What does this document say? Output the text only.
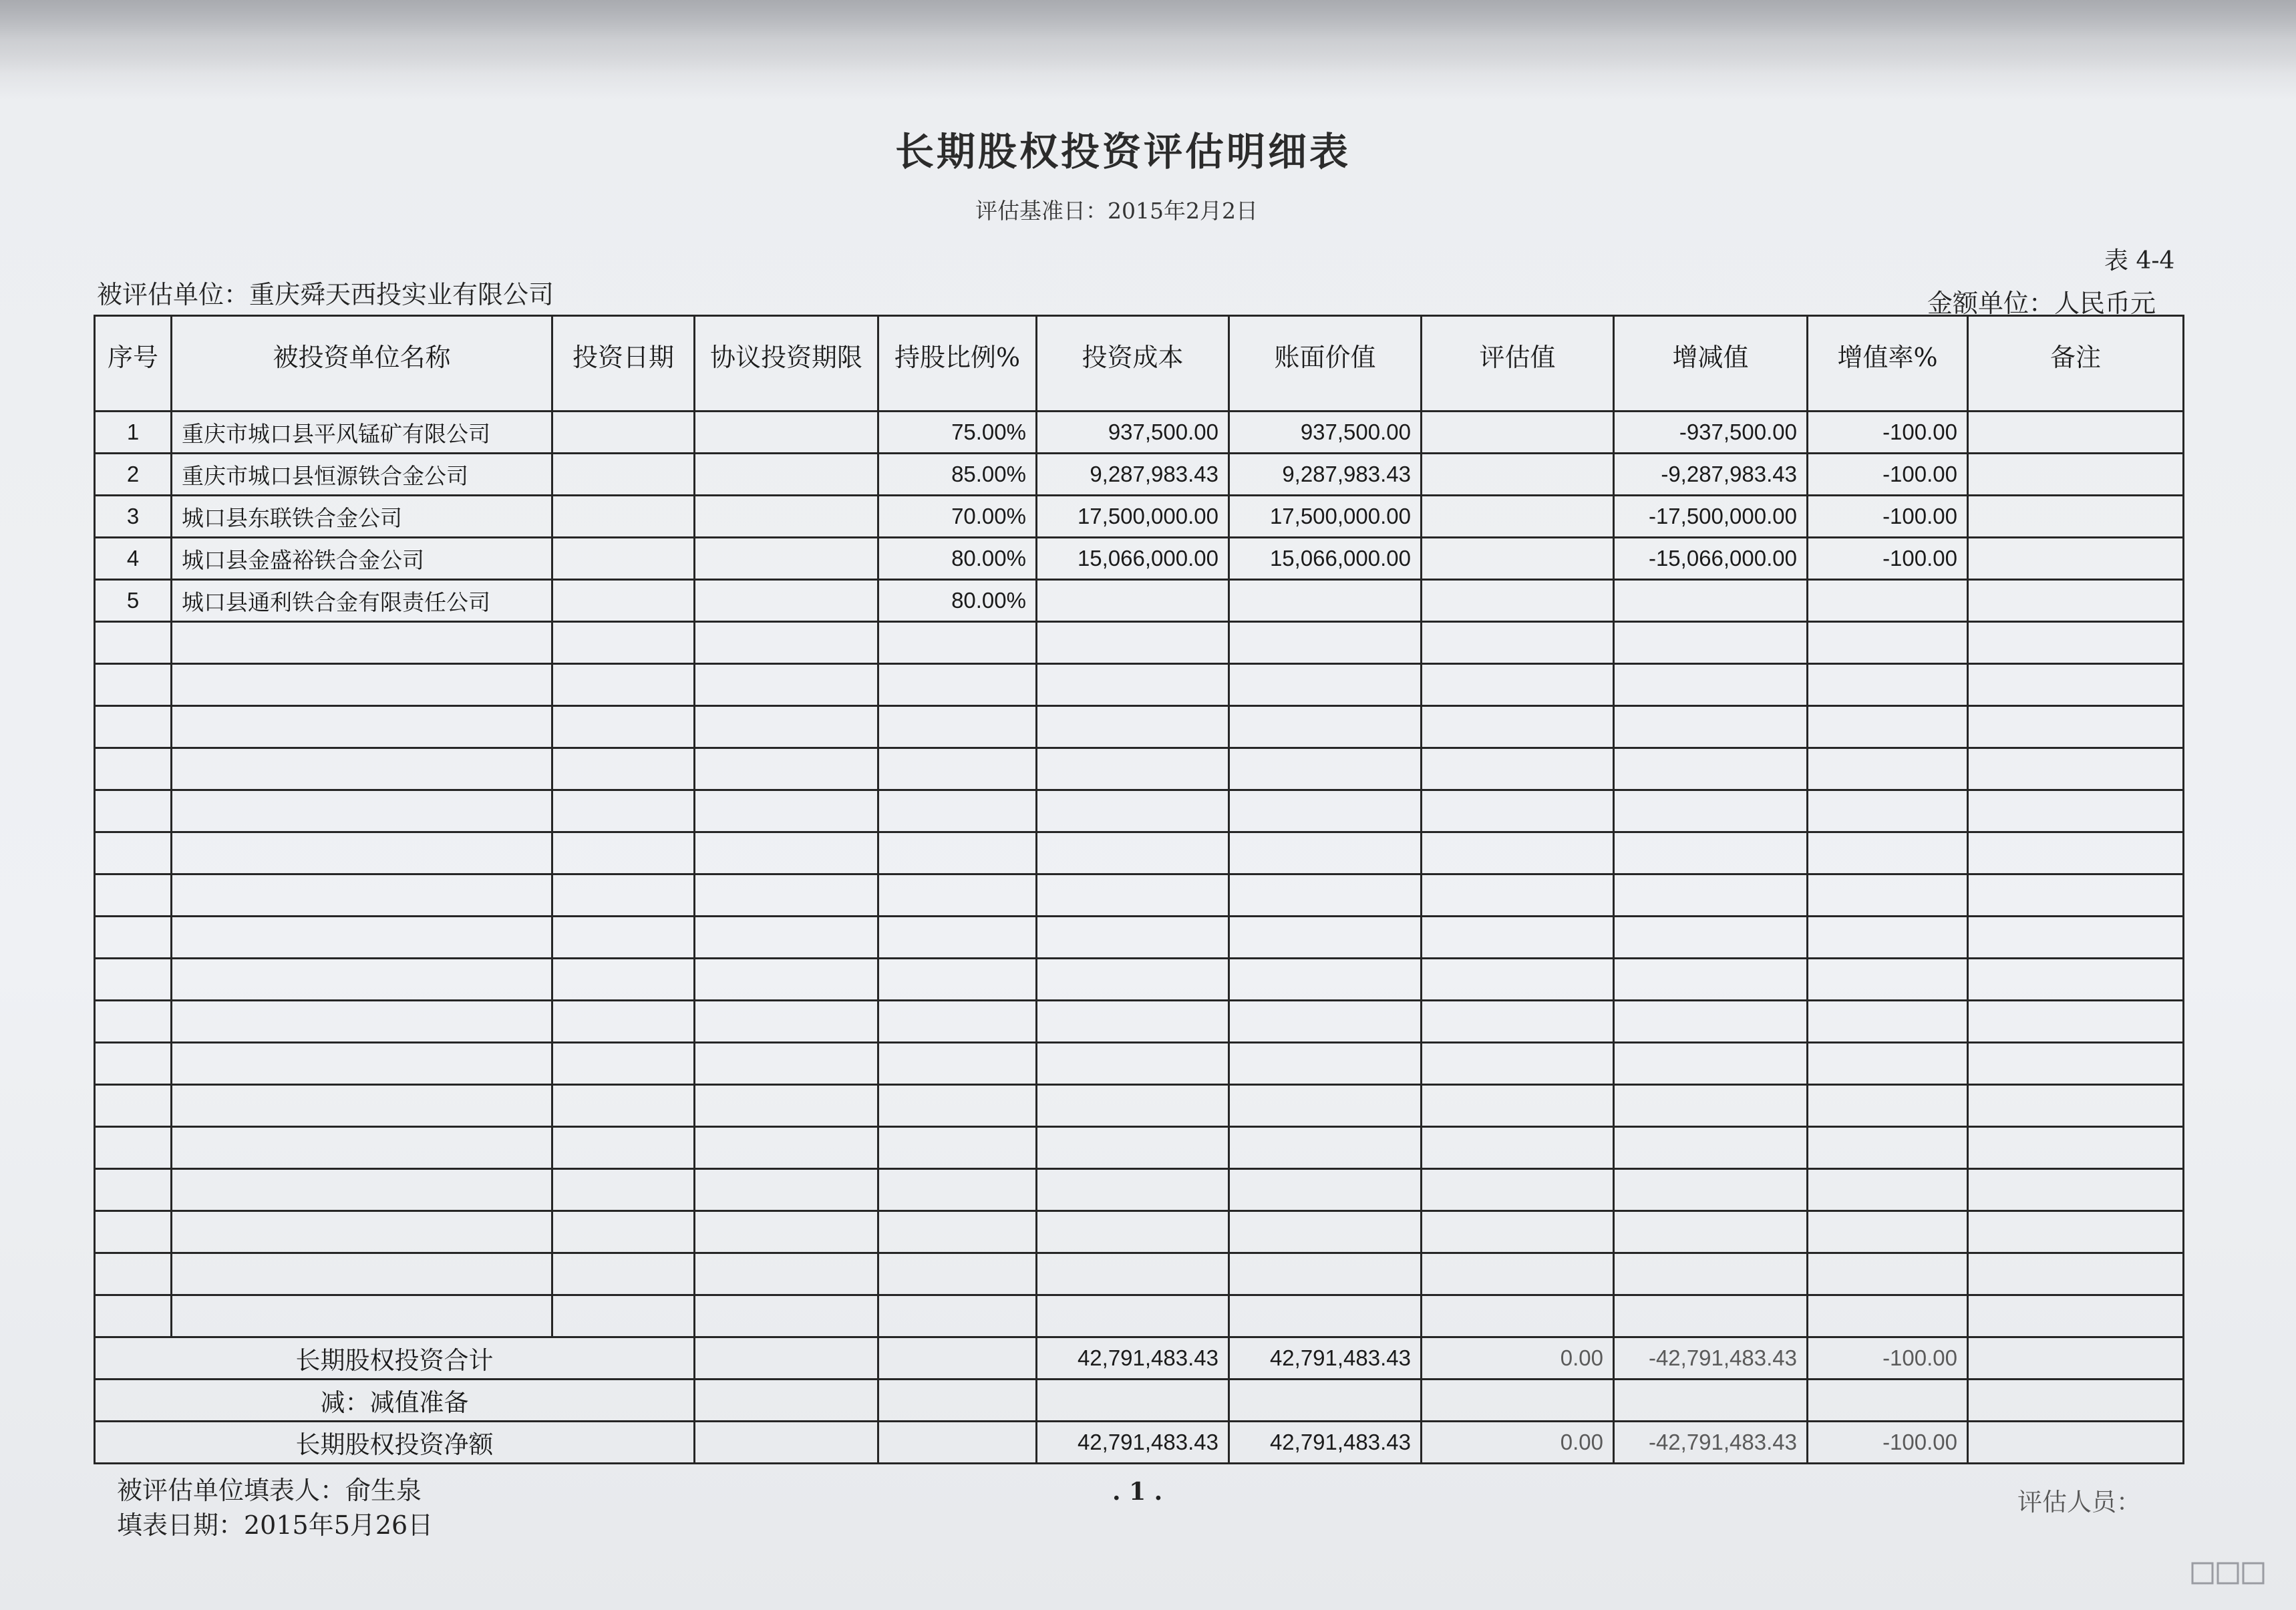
长期股权投资评估明细表
评估基准日：2015年2月2日
表 4-4
被评估单位：重庆舜天西投实业有限公司	金额单位：人民币元
序号	被投资单位名称	投资日期	协议投资期限	持股比例%	投资成本	账面价值	评估值	增减值	增值率%	备注
1	重庆市城口县平风锰矿有限公司			75.00%	937,500.00	937,500.00		-937,500.00	-100.00	
2	重庆市城口县恒源铁合金公司			85.00%	9,287,983.43	9,287,983.43		-9,287,983.43	-100.00	
3	城口县东联铁合金公司			70.00%	17,500,000.00	17,500,000.00		-17,500,000.00	-100.00	
4	城口县金盛裕铁合金公司			80.00%	15,066,000.00	15,066,000.00		-15,066,000.00	-100.00	
5	城口县通利铁合金有限责任公司			80.00%						

长期股权投资合计					42,791,483.43	42,791,483.43	0.00	-42,791,483.43	-100.00	
减：减值准备										
长期股权投资净额					42,791,483.43	42,791,483.43	0.00	-42,791,483.43	-100.00	
被评估单位填表人：俞生泉
填表日期：2015年5月26日
. 1 .	评估人员：
